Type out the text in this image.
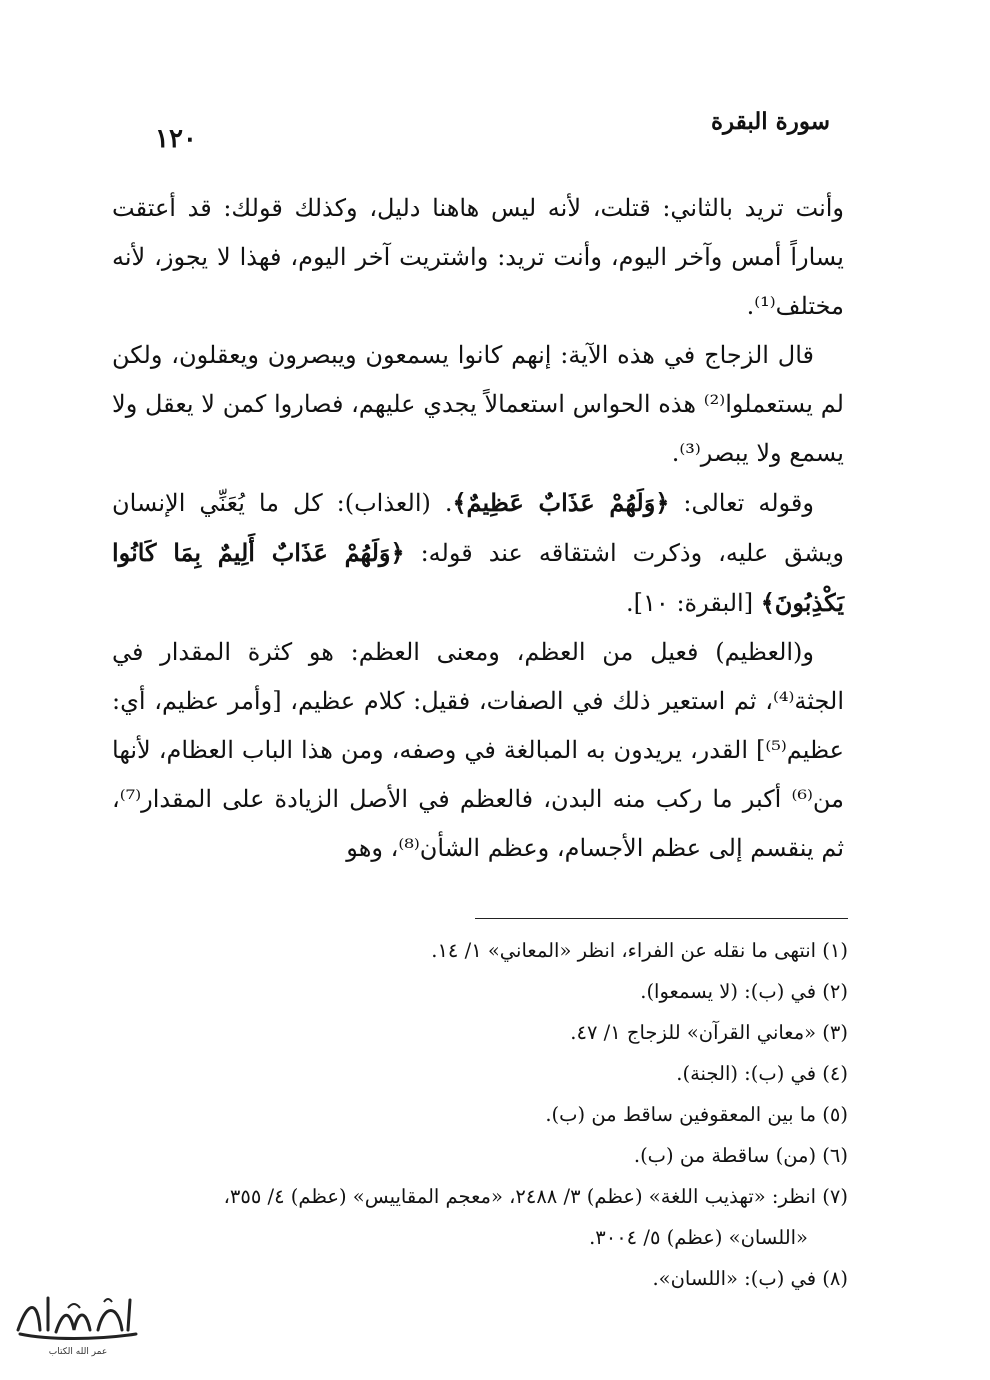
سورة البقرة
١٢٠

وأنت تريد بالثاني: قتلت، لأنه ليس هاهنا دليل، وكذلك قولك: قد أعتقت يساراً أمس وآخر اليوم، وأنت تريد: واشتريت آخر اليوم، فهذا لا يجوز، لأنه مختلف⁽¹⁾.

قال الزجاج في هذه الآية: إنهم كانوا يسمعون ويبصرون ويعقلون، ولكن لم يستعملوا⁽²⁾ هذه الحواس استعمالاً يجدي عليهم، فصاروا كمن لا يعقل ولا يسمع ولا يبصر⁽³⁾.

وقوله تعالى: ﴿وَلَهُمْ عَذَابٌ عَظِيمٌ﴾. (العذاب): كل ما يُعَنِّي الإنسان ويشق عليه، وذكرت اشتقاقه عند قوله: ﴿وَلَهُمْ عَذَابٌ أَلِيمٌ بِمَا كَانُوا يَكْذِبُونَ﴾ [البقرة: ١٠].

و(العظيم) فعيل من العظم، ومعنى العظم: هو كثرة المقدار في الجثة⁽⁴⁾، ثم استعير ذلك في الصفات، فقيل: كلام عظيم، [وأمر عظيم، أي: عظيم⁽⁵⁾] القدر، يريدون به المبالغة في وصفه، ومن هذا الباب العظام، لأنها من⁽⁶⁾ أكبر ما ركب منه البدن، فالعظم في الأصل الزيادة على المقدار⁽⁷⁾، ثم ينقسم إلى عظم الأجسام، وعظم الشأن⁽⁸⁾، وهو

(١) انتهى ما نقله عن الفراء، انظر «المعاني» ١/ ١٤.

(٢) في (ب): (لا يسمعوا).

(٣) «معاني القرآن» للزجاج ١/ ٤٧.

(٤) في (ب): (الجنة).

(٥) ما بين المعقوفين ساقط من (ب).

(٦) (من) ساقطة من (ب).

(٧) انظر: «تهذيب اللغة» (عظم) ٣/ ٢٤٨٨، «معجم المقاييس» (عظم) ٤/ ٣٥٥،

«اللسان» (عظم) ٥/ ٣٠٠٤.

(٨) في (ب): «اللسان».

عمر الله الكتاب
